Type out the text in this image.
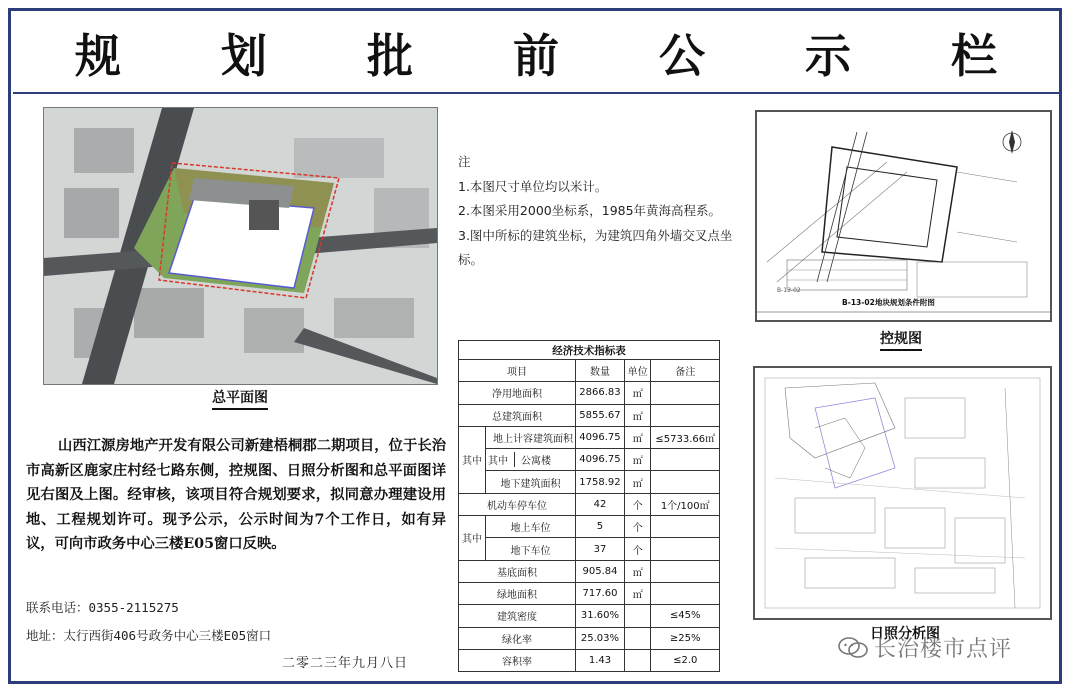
规 划 批 前 公 示 栏
总平面图

注

1.本图尺寸单位均以米计。

2.本图采用2000坐标系，1985年黄海高程系。

3.图中所标的建筑坐标，为建筑四角外墙交叉点坐标。

B-13-02
B-13-02地块规划条件附图
控规图
经济技术指标表				
项目		数量	单位	备注
净用地面积		2866.83	㎡	
总建筑面积		5855.67	㎡	
其中	地上计容建筑面积	4096.75	㎡	≤5733.66㎡
	其中 公寓楼	4096.75	㎡	
	地下建筑面积	1758.92	㎡	
机动车停车位		42	个	1个/100㎡
其中	地上车位	5	个	
	地下车位	37	个	
基底面积		905.84	㎡	
绿地面积		717.60	㎡	
建筑密度		31.60%		≤45%
绿化率		25.03%		≥25%
容积率		1.43		≤2.0
日照分析图
山西江源房地产开发有限公司新建梧桐郡二期项目，位于长治市高新区鹿家庄村经七路东侧，控规图、日照分析图和总平面图详见右图及上图。经审核，该项目符合规划要求，拟同意办理建设用地、工程规划许可。现予公示，公示时间为7个工作日，如有异议，可向市政务中心三楼E05窗口反映。
联系电话：0355-2115275
地址：太行西街406号政务中心三楼E05窗口
二零二三年九月八日
长治楼市点评
